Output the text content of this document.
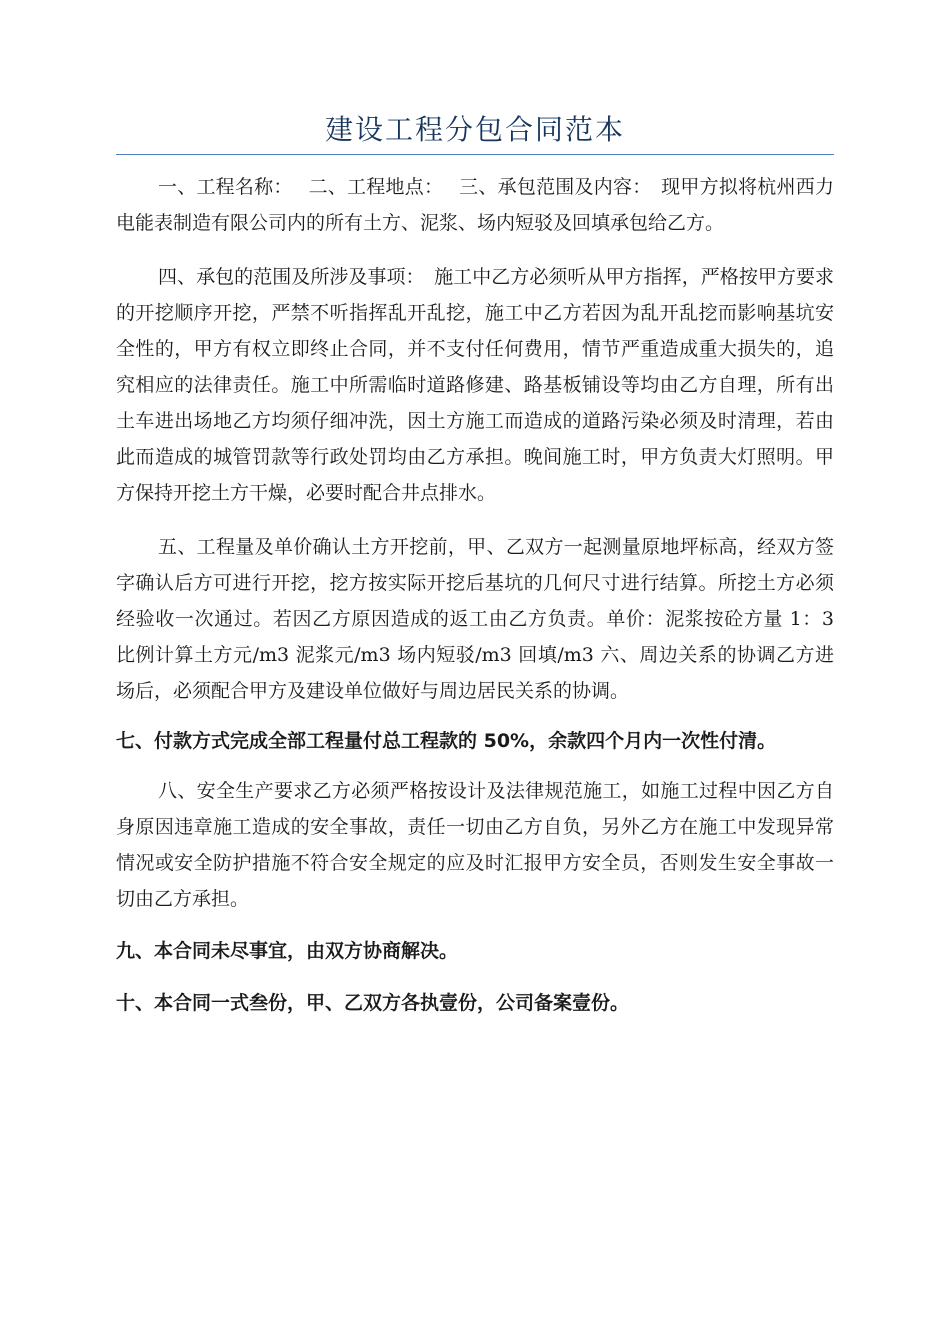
建设工程分包合同范本

一、工程名称：　 二、工程地点：　 三、承包范围及内容：　现甲方拟将杭州西力电能表制造有限公司内的所有土方、泥浆、场内短驳及回填承包给乙方。

四、承包的范围及所涉及事项：　施工中乙方必须听从甲方指挥，严格按甲方要求的开挖顺序开挖，严禁不听指挥乱开乱挖，施工中乙方若因为乱开乱挖而影响基坑安全性的，甲方有权立即终止合同，并不支付任何费用，情节严重造成重大损失的，追究相应的法律责任。施工中所需临时道路修建、路基板铺设等均由乙方自理，所有出土车进出场地乙方均须仔细冲洗，因土方施工而造成的道路污染必须及时清理，若由此而造成的城管罚款等行政处罚均由乙方承担。晚间施工时，甲方负责大灯照明。甲方保持开挖土方干燥，必要时配合井点排水。

五、工程量及单价确认土方开挖前，甲、乙双方一起测量原地坪标高，经双方签字确认后方可进行开挖，挖方按实际开挖后基坑的几何尺寸进行结算。所挖土方必须经验收一次通过。若因乙方原因造成的返工由乙方负责。单价：泥浆按砼方量 1：3 比例计算土方元/m3 泥浆元/m3 场内短驳/m3 回填/m3 六、周边关系的协调乙方进场后，必须配合甲方及建设单位做好与周边居民关系的协调。

七、付款方式完成全部工程量付总工程款的 50%，余款四个月内一次性付清。

八、安全生产要求乙方必须严格按设计及法律规范施工，如施工过程中因乙方自身原因违章施工造成的安全事故，责任一切由乙方自负，另外乙方在施工中发现异常情况或安全防护措施不符合安全规定的应及时汇报甲方安全员，否则发生安全事故一切由乙方承担。

九、本合同未尽事宜，由双方协商解决。

十、本合同一式叁份，甲、乙双方各执壹份，公司备案壹份。
